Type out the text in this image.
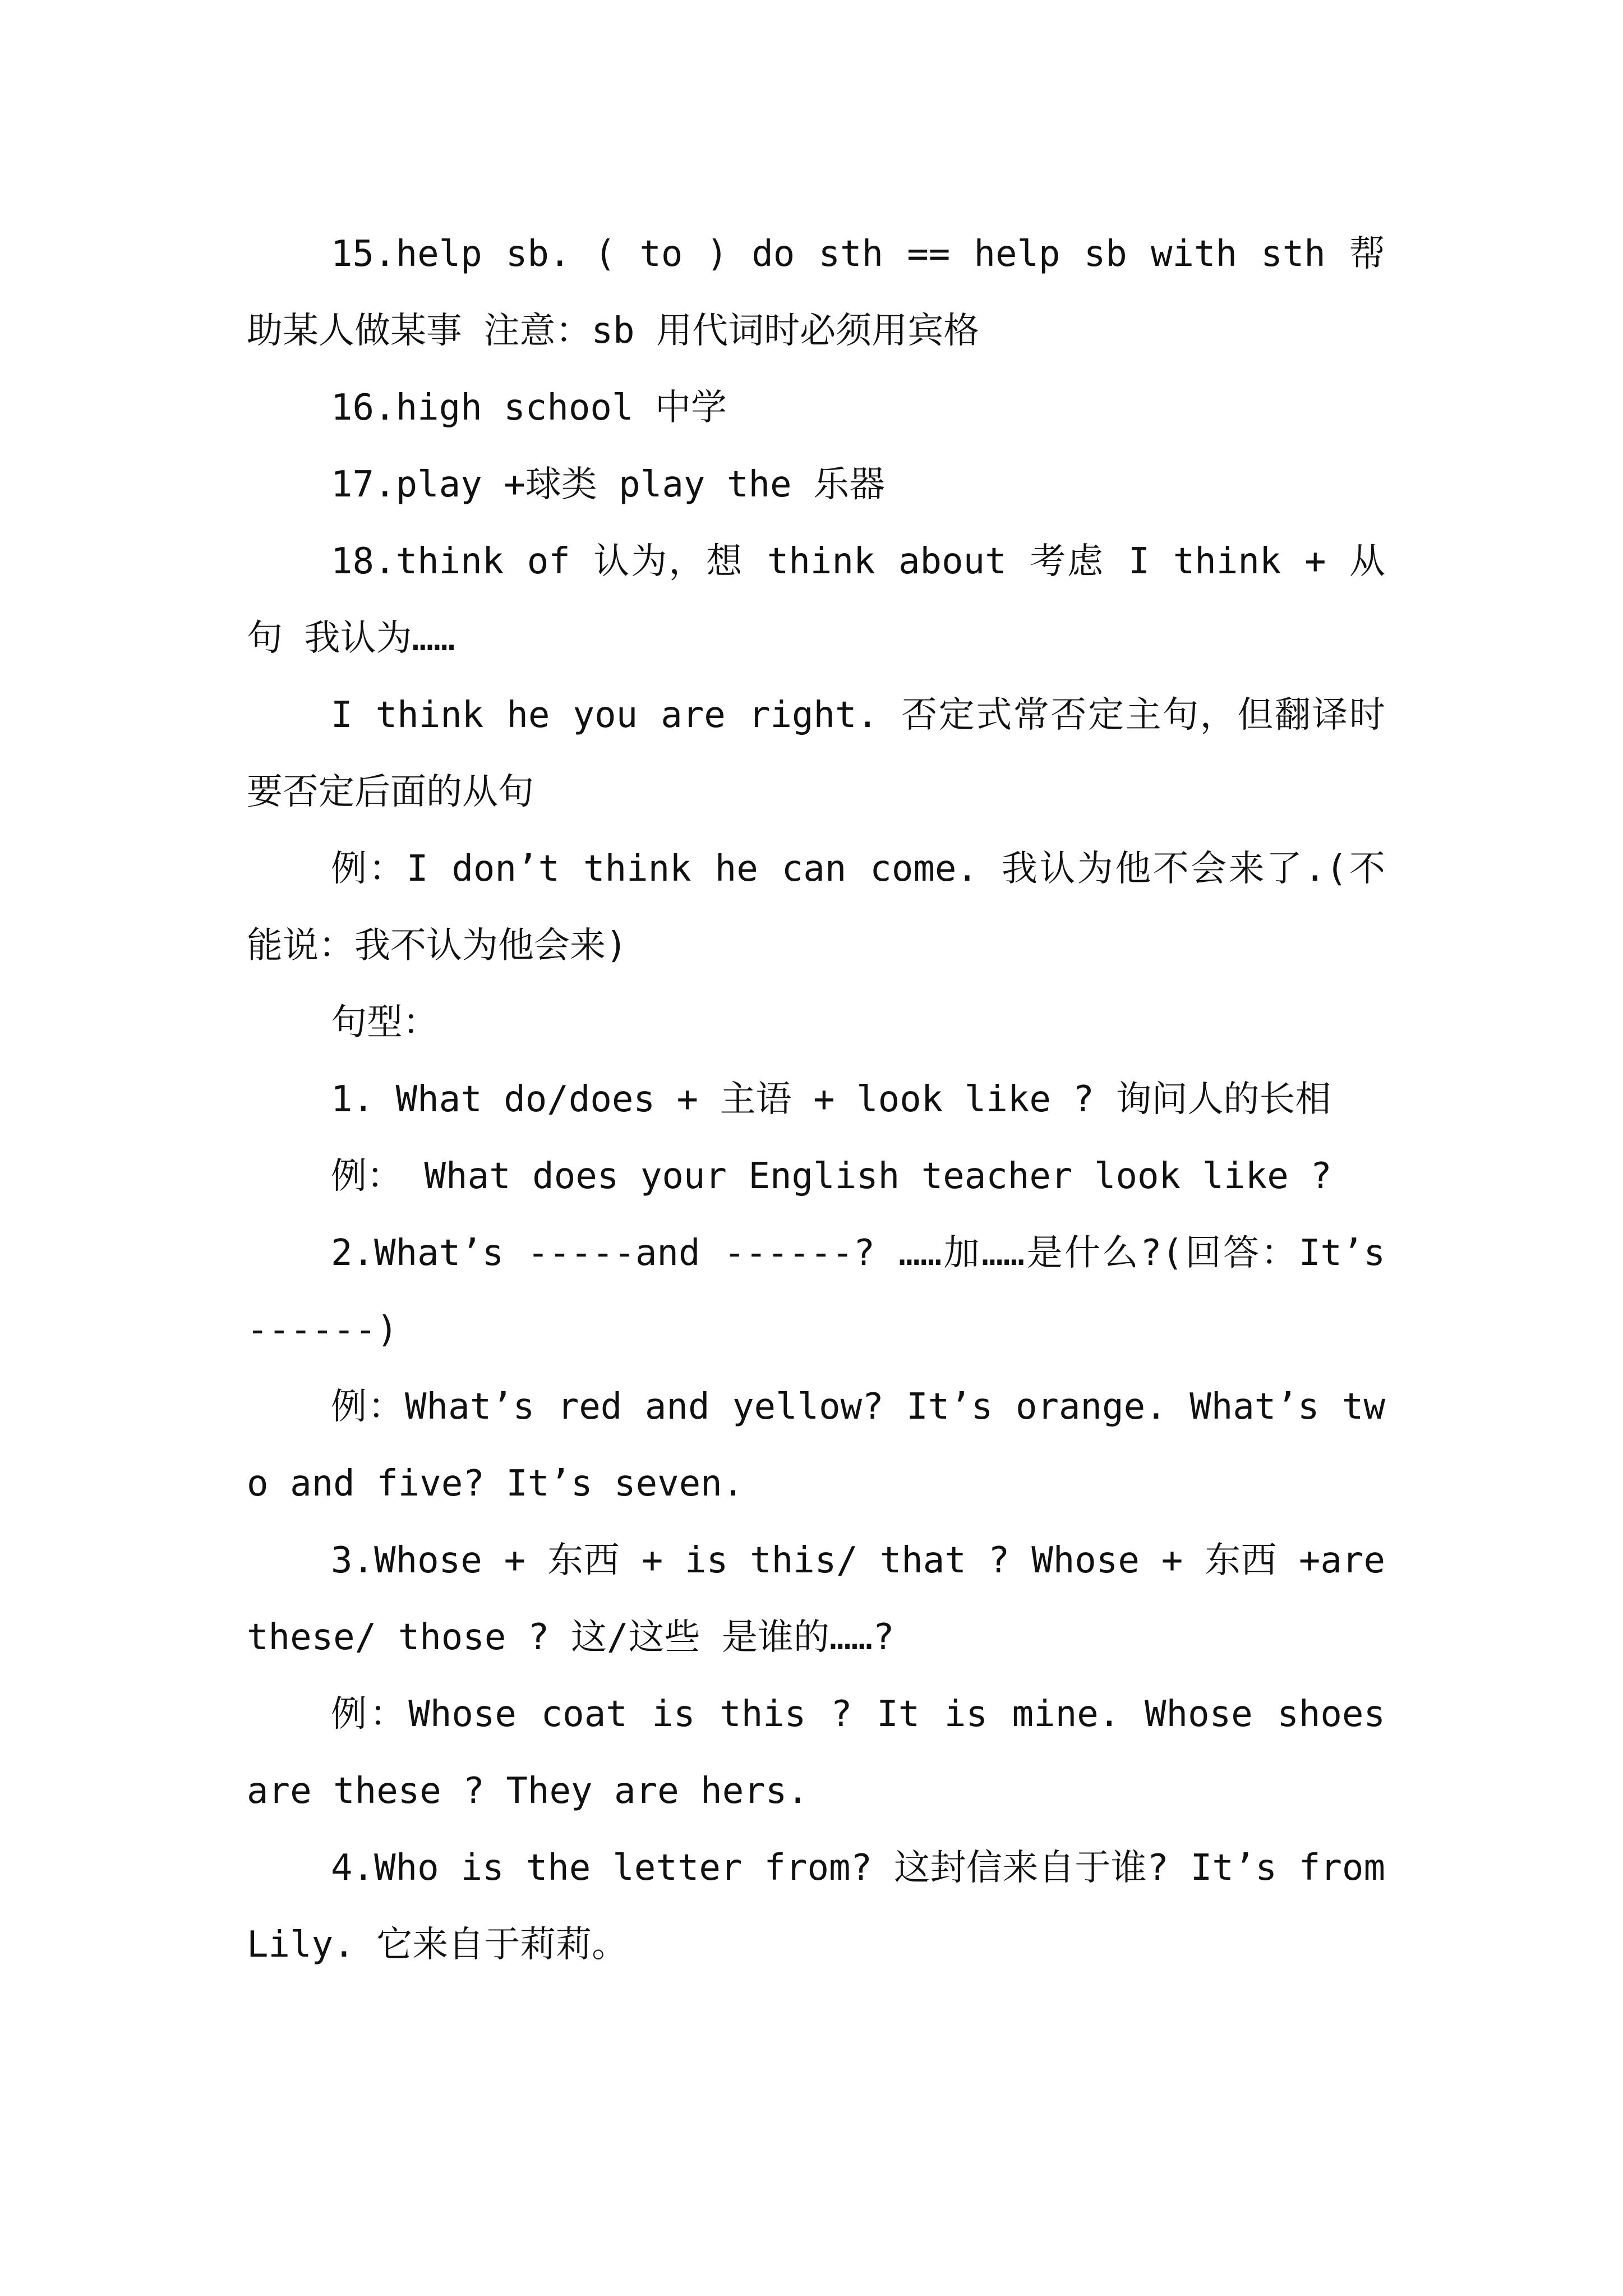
15.help sb. ( to ) do sth == help sb with sth 帮助某人做某事 注意：sb 用代词时必须用宾格

16.high school 中学

17.play +球类 play the 乐器

18.think of 认为，想 think about 考虑 I think + 从句 我认为……

I think he you are right. 否定式常否定主句，但翻译时要否定后面的从句

例：I don’t think he can come. 我认为他不会来了.(不能说：我不认为他会来)

句型：

1. What do/does + 主语 + look like ? 询问人的长相

例： What does your English teacher look like ?

2.What’s -----and ------? ……加……是什么?(回答：It’s ------)

例：What’s red and yellow? It’s orange. What’s two and five? It’s seven.

3.Whose + 东西 + is this/ that ? Whose + 东西 +are these/ those ? 这/这些 是谁的……?

例：Whose coat is this ? It is mine. Whose shoes are these ? They are hers.

4.Who is the letter from? 这封信来自于谁? It’s from Lily. 它来自于莉莉。
